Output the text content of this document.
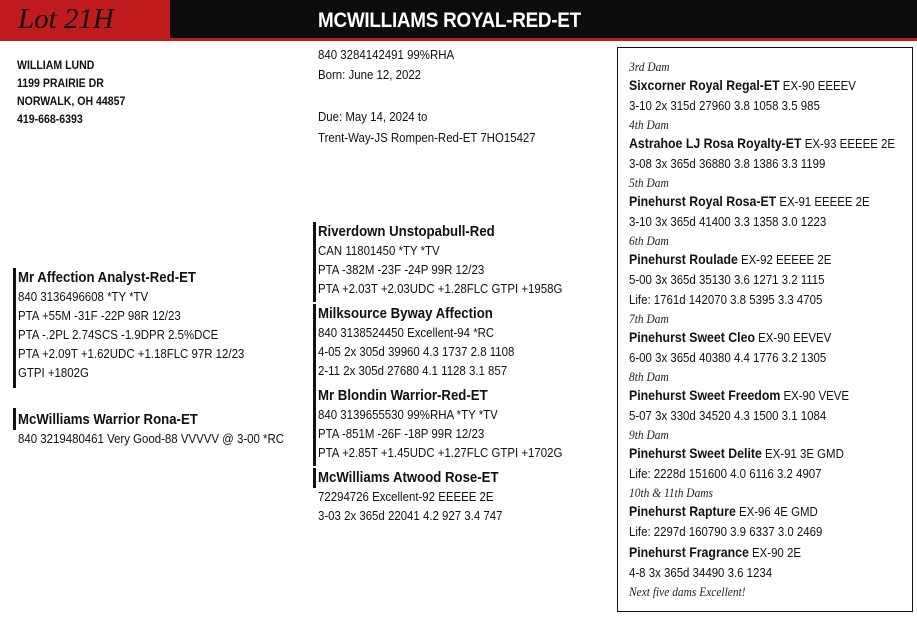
Lot 21H	MCWILLIAMS ROYAL-RED-ET
WILLIAM LUND
1199 PRAIRIE DR
NORWALK, OH 44857
419-668-6393
840 3284142491 99%RHA
Born: June 12, 2022
Due: May 14, 2024 to
Trent-Way-JS Rompen-Red-ET 7HO15427
Mr Affection Analyst-Red-ET
840 3136496608 *TY *TV
PTA +55M -31F -22P 98R 12/23
PTA -.2PL 2.74SCS -1.9DPR 2.5%DCE
PTA +2.09T +1.62UDC +1.18FLC 97R 12/23
GTPI +1802G
McWilliams Warrior Rona-ET
840 3219480461 Very Good-88 VVVVV @ 3-00 *RC
Riverdown Unstopabull-Red
CAN 11801450 *TY *TV
PTA -382M -23F -24P 99R 12/23
PTA +2.03T +2.03UDC +1.28FLC GTPI +1958G
Milksource Byway Affection
840 3138524450 Excellent-94 *RC
4-05 2x 305d 39960 4.3 1737 2.8 1108
2-11 2x 305d 27680 4.1 1128 3.1 857
Mr Blondin Warrior-Red-ET
840 3139655530 99%RHA *TY *TV
PTA -851M -26F -18P 99R 12/23
PTA +2.85T +1.45UDC +1.27FLC GTPI +1702G
McWilliams Atwood Rose-ET
72294726 Excellent-92 EEEEE 2E
3-03 2x 365d 22041 4.2 927 3.4 747
3rd Dam
Sixcorner Royal Regal-ET EX-90 EEEEV
3-10 2x 315d 27960 3.8 1058 3.5 985
4th Dam
Astrahoe LJ Rosa Royalty-ET EX-93 EEEEE 2E
3-08 3x 365d 36880 3.8 1386 3.3 1199
5th Dam
Pinehurst Royal Rosa-ET EX-91 EEEEE 2E
3-10 3x 365d 41400 3.3 1358 3.0 1223
6th Dam
Pinehurst Roulade EX-92 EEEEE 2E
5-00 3x 365d 35130 3.6 1271 3.2 1115
Life: 1761d 142070 3.8 5395 3.3 4705
7th Dam
Pinehurst Sweet Cleo EX-90 EEVEV
6-00 3x 365d 40380 4.4 1776 3.2 1305
8th Dam
Pinehurst Sweet Freedom EX-90 VEVE
5-07 3x 330d 34520 4.3 1500 3.1 1084
9th Dam
Pinehurst Sweet Delite EX-91 3E GMD
Life: 2228d 151600 4.0 6116 3.2 4907
10th & 11th Dams
Pinehurst Rapture EX-96 4E GMD
Life: 2297d 160790 3.9 6337 3.0 2469
Pinehurst Fragrance EX-90 2E
4-8 3x 365d 34490 3.6 1234
Next five dams Excellent!
